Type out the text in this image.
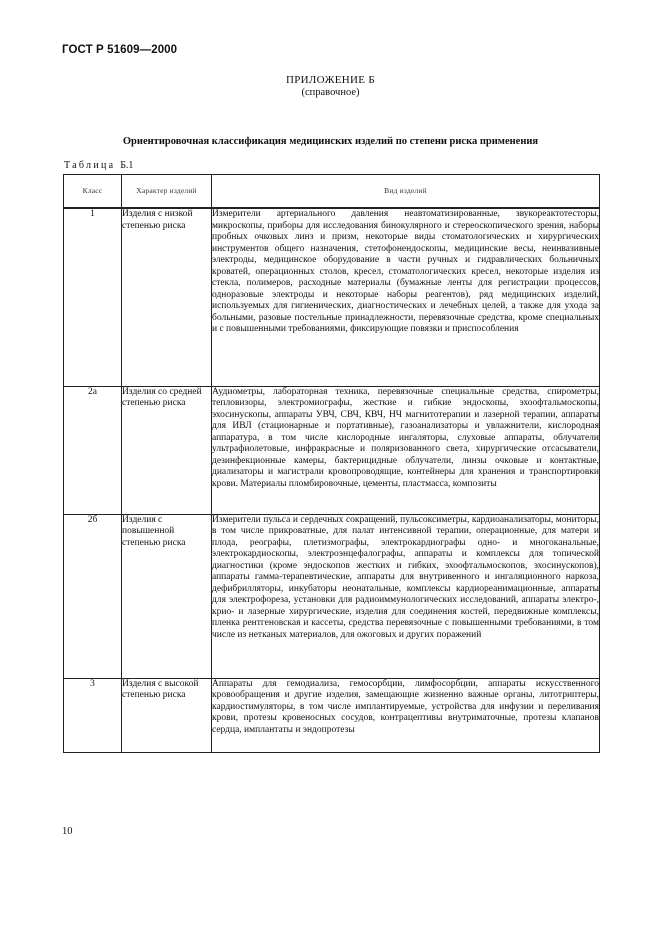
ГОСТ Р 51609—2000
ПРИЛОЖЕНИЕ Б
(справочное)
Ориентировочная классификация медицинских изделий по степени риска применения
Таблица Б.1
Класс	Характер изделий	Вид изделий
1	Изделия с низкой степенью риска	Измерители артериального давления неавтоматизированные, звукореактотесторы, микроскопы, приборы для исследования бинокулярного и стереоскопического зрения, наборы пробных очковых линз и призм, некоторые виды стоматологических и хирургических инструментов общего назначения, стетофонендоскопы, медицинские весы, неинвазивные электроды, медицинское оборудование в части ручных и гидравлических больничных кроватей, операционных столов, кресел, стоматологических кресел, некоторые изделия из стекла, полимеров, расходные материалы (бумажные ленты для регистрации процессов, одноразовые электроды и некоторые наборы реагентов), ряд медицинских изделий, используемых для гигиенических, диагностических и лечебных целей, а также для ухода за больными, разовые постельные принадлежности, перевязочные средства, кроме специальных и с повышенными требованиями, фиксирующие повязки и приспособления
2а	Изделия со средней степенью риска	Аудиометры, лабораторная техника, перевязочные специальные средства, спирометры, тепловизоры, электромиографы, жесткие и гибкие эндоскопы, эхоофтальмоскопы, эхосинускопы, аппараты УВЧ, СВЧ, КВЧ, НЧ магнитотерапии и лазерной терапии, аппараты для ИВЛ (стационарные и портативные), газоанализаторы и увлажнители, кислородная аппаратура, в том числе кислородные ингаляторы, слуховые аппараты, облучатели ультрафиолетовые, инфракрасные и поляризованного света, хирургические отсасыватели, дезинфекционные камеры, бактерицидные облучатели, линзы очковые и контактные, диализаторы и магистрали кровопроводящие, контейнеры для хранения и транспортировки крови. Материалы пломбировочные, цементы, пластмасса, композиты
2б	Изделия с повышенной степенью риска	Измерители пульса и сердечных сокращений, пульсоксиметры, кардиоанализаторы, мониторы, в том числе прикроватные, для палат интенсивной терапии, операционные, для матери и плода, реографы, плетизмографы, электрокардиографы одно- и многоканальные, электрокардиоскопы, электроэнцефалографы, аппараты и комплексы для топической диагностики (кроме эндоскопов жестких и гибких, эхоофтальмоскопов, эхосинускопов), аппараты гамма-терапевтические, аппараты для внутривенного и ингаляционного наркоза, дефибрилляторы, инкубаторы неонатальные, комплексы кардиореанимационные, аппараты для электрофореза, установки для радиоиммунологических исследований, аппараты электро-, крио- и лазерные хирургические, изделия для соединения костей, передвижные комплексы, пленка рентгеновская и кассеты, средства перевязочные с повышенными требованиями, в том числе из нетканых материалов, для ожоговых и других поражений
3	Изделия с высокой степенью риска	Аппараты для гемодиализа, гемосорбции, лимфосорбции, аппараты искусственного кровообращения и другие изделия, замещающие жизненно важные органы, литотриптеры, кардиостимуляторы, в том числе имплантируемые, устройства для инфузии и переливания крови, протезы кровеносных сосудов, контрацептивы внутриматочные, протезы клапанов сердца, имплантаты и эндопротезы
10
